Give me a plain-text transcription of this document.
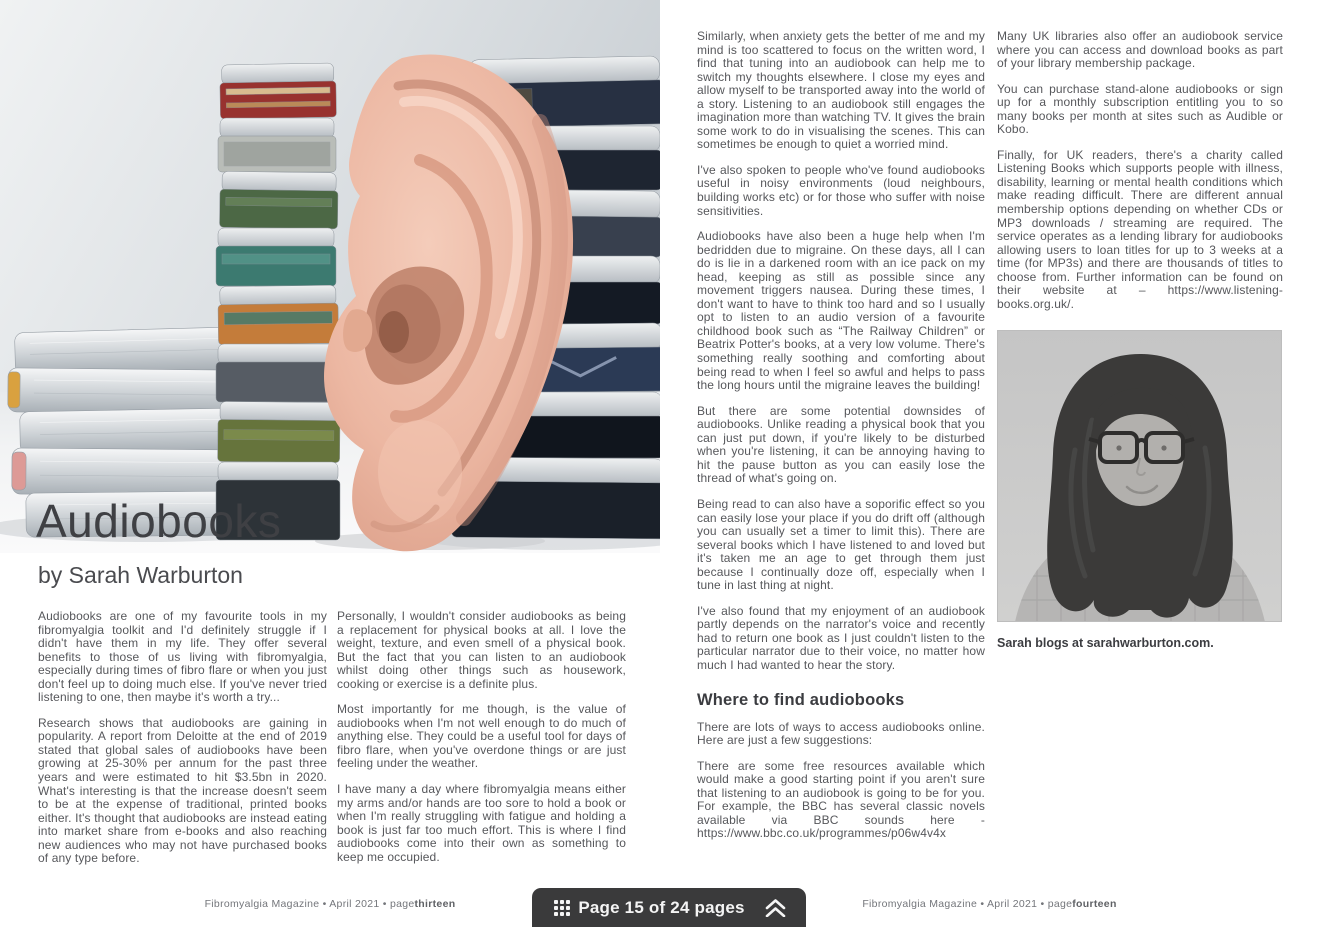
Audiobooks
by Sarah Warburton

Audiobooks are one of my favourite tools in my fibromyalgia toolkit and I'd definitely struggle if I didn't have them in my life. They offer several benefits to those of us living with fibromyalgia, especially during times of fibro flare or when you just don't feel up to doing much else. If you've never tried listening to one, then maybe it's worth a try...

Research shows that audiobooks are gaining in popularity. A report from Deloitte at the end of 2019 stated that global sales of audiobooks have been growing at 25-30% per annum for the past three years and were estimated to hit $3.5bn in 2020. What's interesting is that the increase doesn't seem to be at the expense of traditional, printed books either. It's thought that audiobooks are instead eating into market share from e-books and also reaching new audiences who may not have purchased books of any type before.

Personally, I wouldn't consider audiobooks as being a replacement for physical books at all. I love the weight, texture, and even smell of a physical book. But the fact that you can listen to an audiobook whilst doing other things such as housework, cooking or exercise is a definite plus.

Most importantly for me though, is the value of audiobooks when I'm not well enough to do much of anything else. They could be a useful tool for days of fibro flare, when you've overdone things or are just feeling under the weather.

I have many a day where fibromyalgia means either my arms and/or hands are too sore to hold a book or when I'm really struggling with fatigue and holding a book is just far too much effort. This is where I find audiobooks come into their own as something to keep me occupied.

Fibromyalgia Magazine • April 2021 • pagethirteen

Similarly, when anxiety gets the better of me and my mind is too scattered to focus on the written word, I find that tuning into an audiobook can help me to switch my thoughts elsewhere. I close my eyes and allow myself to be transported away into the world of a story. Listening to an audiobook still engages the imagination more than watching TV. It gives the brain some work to do in visualising the scenes. This can sometimes be enough to quiet a worried mind.

I've also spoken to people who've found audiobooks useful in noisy environments (loud neighbours, building works etc) or for those who suffer with noise sensitivities.

Audiobooks have also been a huge help when I'm bedridden due to migraine. On these days, all I can do is lie in a darkened room with an ice pack on my head, keeping as still as possible since any movement triggers nausea. During these times, I don't want to have to think too hard and so I usually opt to listen to an audio version of a favourite childhood book such as “The Railway Children” or Beatrix Potter's books, at a very low volume. There's something really soothing and comforting about being read to when I feel so awful and helps to pass the long hours until the migraine leaves the building!

But there are some potential downsides of audiobooks. Unlike reading a physical book that you can just put down, if you're likely to be disturbed when you're listening, it can be annoying having to hit the pause button as you can easily lose the thread of what's going on.

Being read to can also have a soporific effect so you can easily lose your place if you do drift off (although you can usually set a timer to limit this). There are several books which I have listened to and loved but it's taken me an age to get through them just because I continually doze off, especially when I tune in last thing at night.

I've also found that my enjoyment of an audiobook partly depends on the narrator's voice and recently had to return one book as I just couldn't listen to the particular narrator due to their voice, no matter how much I had wanted to hear the story.

Where to find audiobooks

There are lots of ways to access audiobooks online. Here are just a few suggestions:

There are some free resources available which would make a good starting point if you aren't sure that listening to an audiobook is going to be for you. For example, the BBC has several classic novels available via BBC sounds here - https://www.bbc.co.uk/programmes/p06w4v4x

Many UK libraries also offer an audiobook service where you can access and download books as part of your library membership package.

You can purchase stand-alone audiobooks or sign up for a monthly subscription entitling you to so many books per month at sites such as Audible or Kobo.

Finally, for UK readers, there's a charity called Listening Books which supports people with illness, disability, learning or mental health conditions which make reading difficult. There are different annual membership options depending on whether CDs or MP3 downloads / streaming are required. The service operates as a lending library for audiobooks allowing users to loan titles for up to 3 weeks at a time (for MP3s) and there are thousands of titles to choose from. Further information can be found on their website at – https://www.listening-books.org.uk/.

Sarah blogs at sarahwarburton.com.
Fibromyalgia Magazine • April 2021 • pagefourteen
Page 15 of 24 pages
